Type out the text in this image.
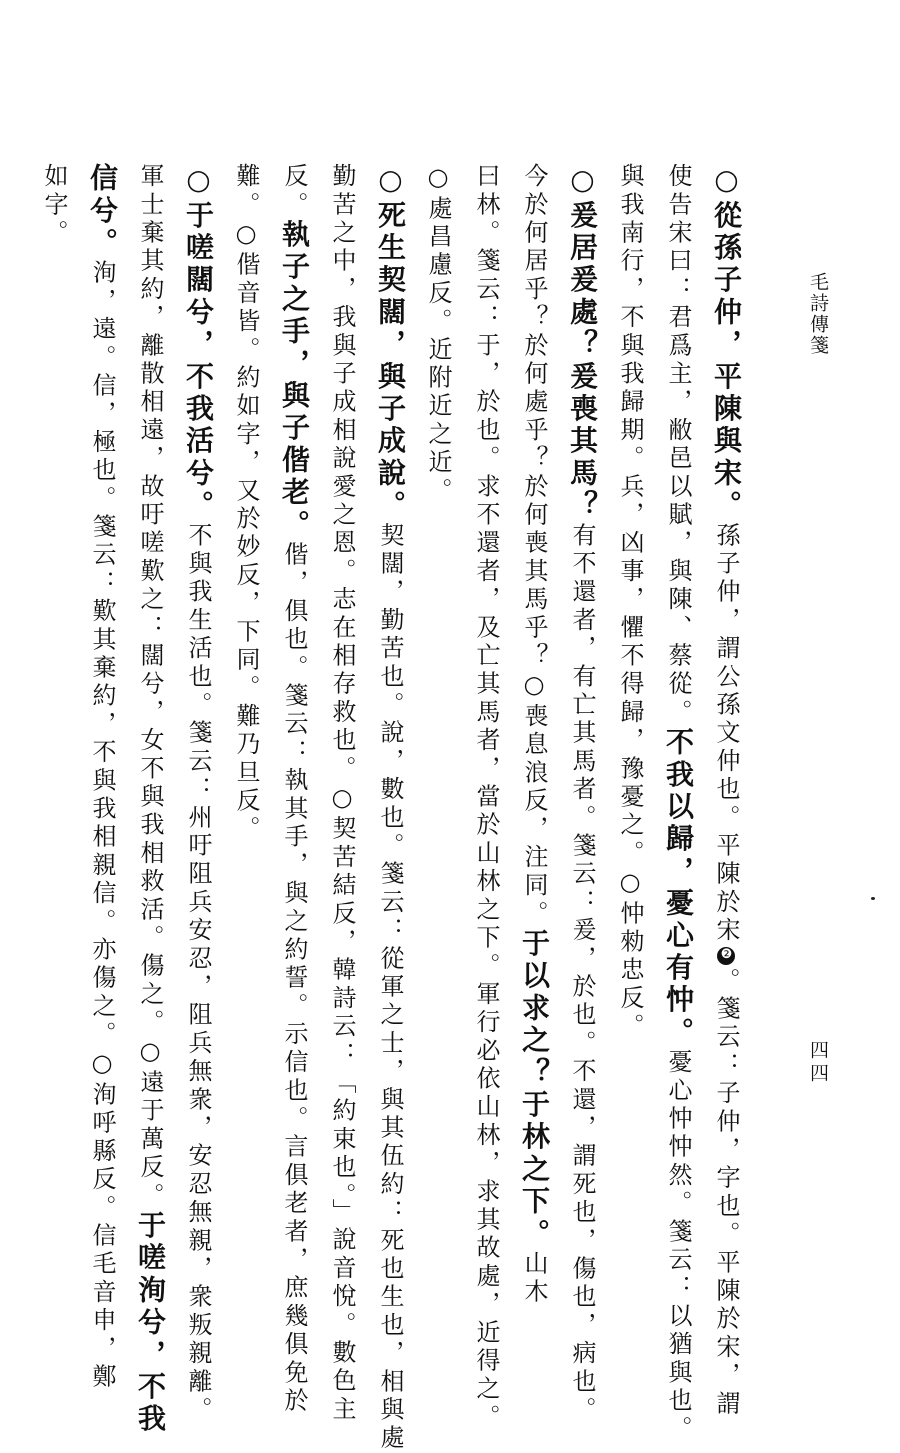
毛詩傳箋
四四
○從孫子仲，平陳與宋。孫子仲，謂公孫文仲也。平陳於宋❷。箋云：子仲，字也。平陳於宋，謂
使告宋曰：君爲主，敝邑以賦，與陳、蔡從。不我以歸，憂心有忡。憂心忡忡然。箋云：以猶與也。
與我南行，不與我歸期。兵，凶事，懼不得歸，豫憂之。○忡勑忠反。
○爰居爰處？爰喪其馬？有不還者，有亡其馬者。箋云：爰，於也。不還，謂死也，傷也，病也。
今於何居乎？於何處乎？於何喪其馬乎？○喪息浪反，注同。于以求之？于林之下。山木
曰林。箋云：于，於也。求不還者，及亡其馬者，當於山林之下。軍行必依山林，求其故處，近得之。
○處昌慮反。近附近之近。
○死生契闊，與子成說。契闊，勤苦也。說，數也。箋云：從軍之士，與其伍約：死也生也，相與處
勤苦之中，我與子成相說愛之恩。志在相存救也。○契苦結反，韓詩云：「約束也。」說音悅。數色主
反。執子之手，與子偕老。偕，俱也。箋云：執其手，與之約誓。示信也。言俱老者，庶幾俱免於
難。○偕音皆。約如字，又於妙反，下同。難乃旦反。
○于嗟闊兮，不我活兮。不與我生活也。箋云：州吁阻兵安忍，阻兵無衆，安忍無親，衆叛親離。
軍士棄其約，離散相遠，故吁嗟歎之：闊兮，女不與我相救活。傷之。○遠于萬反。于嗟洵兮，不我
信兮。洵，遠。信，極也。箋云：歎其棄約，不與我相親信。亦傷之。○洵呼縣反。信毛音申，鄭
如字。
